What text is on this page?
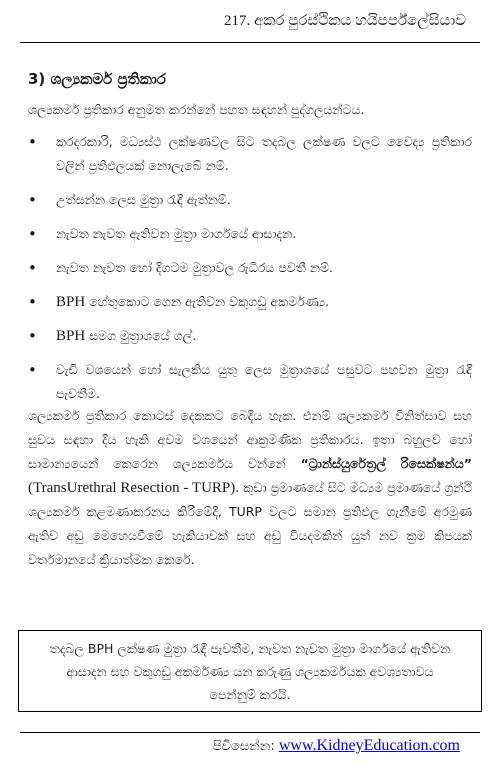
217. අකර පුරස්ථිකය හයිපර්ප්ලේසියාව
3) ශල්‍යකර්ම ප්‍රතිකාර
ශල්‍යකර්ම ප්‍රතිකාර අනුමත කරන්නේ පහත සඳහන් පුද්ගලයන්ටය.
• කරදරකාරි, මධ්‍යස්ථ ලක්ෂණවල සිට තදබල ලක්ෂණ වලට වෛද්‍ය ප්‍රතිකාර වලින් ප්‍රතිඵලයක් නොලැබේ නම්.
• උත්සන්න ලෙස මුත්‍රා රැඳී ඇත්නම්.
• නැවත නැවත ඇතිවන මුත්‍රා මාර්ගයේ ආසාදන.
• නැවත නැවත හෝ දිගටම මුත්‍රාවල රුධිරය පවතී නම්.
• BPH හේතුකොට ගෙන ඇතිවන වකුගඩු අකර්මණ්‍ය.
• BPH සමග මුත්‍රාශයේ ගල්.
• වැඩි වශයෙන් හෝ සැලකිය යුතු ලෙස මුත්‍රාශයේ පසුවට පහවන මුත්‍රා රැඳී පැවතීම.
ශල්‍යකර්ම ප්‍රතිකාර කොටස් දෙකකට බෙදිය හැක. එනම් ශල්‍යකර්ම විනිත්සාව සහ සුවය සඳහා දිය හැකි අවම වශයෙන් ආක්‍රමණික ප්‍රතිකාරය. ඉතා බහුලව හෝ සාමාන්‍යයෙන් කෙරෙන ශල්‍යකර්මය වන්නේ “ට්‍රාන්ස්යුරේත්‍රල් රිසෙක්ෂන්ය” (TransUrethral Resection - TURP). කුඩා ප්‍රමාණයේ සිට මධ්‍යම ප්‍රමාණයේ ග්‍රන්ථි ශල්‍යකර්ම කළමණාකරනය කිරීමේදී, TURP වලට සමාන ප්‍රතිඵල ගැනීමේ අරමුණ ඇතිව අඩු මෙහෙයවීමේ හැකියාවක් සහ අඩු වියදමකින් යුත් නව ක්‍රම කිපයක් වර්තමානයේ ක්‍රියාත්මක කෙරේ.
තදබල BPH ලක්ෂණ මුත්‍රා රැඳී පැවතීම, නැවත නැවත මුත්‍රා මාර්ගයේ ඇතිවන ආසාදන සහ වකුගඩු අකර්මණ්‍ය යන කරුණු ශල්‍යකර්මයක අවශ්‍යතාවය පෙන්නුම් කරයි.
පිවිසෙන්න: www.KidneyEducation.com
